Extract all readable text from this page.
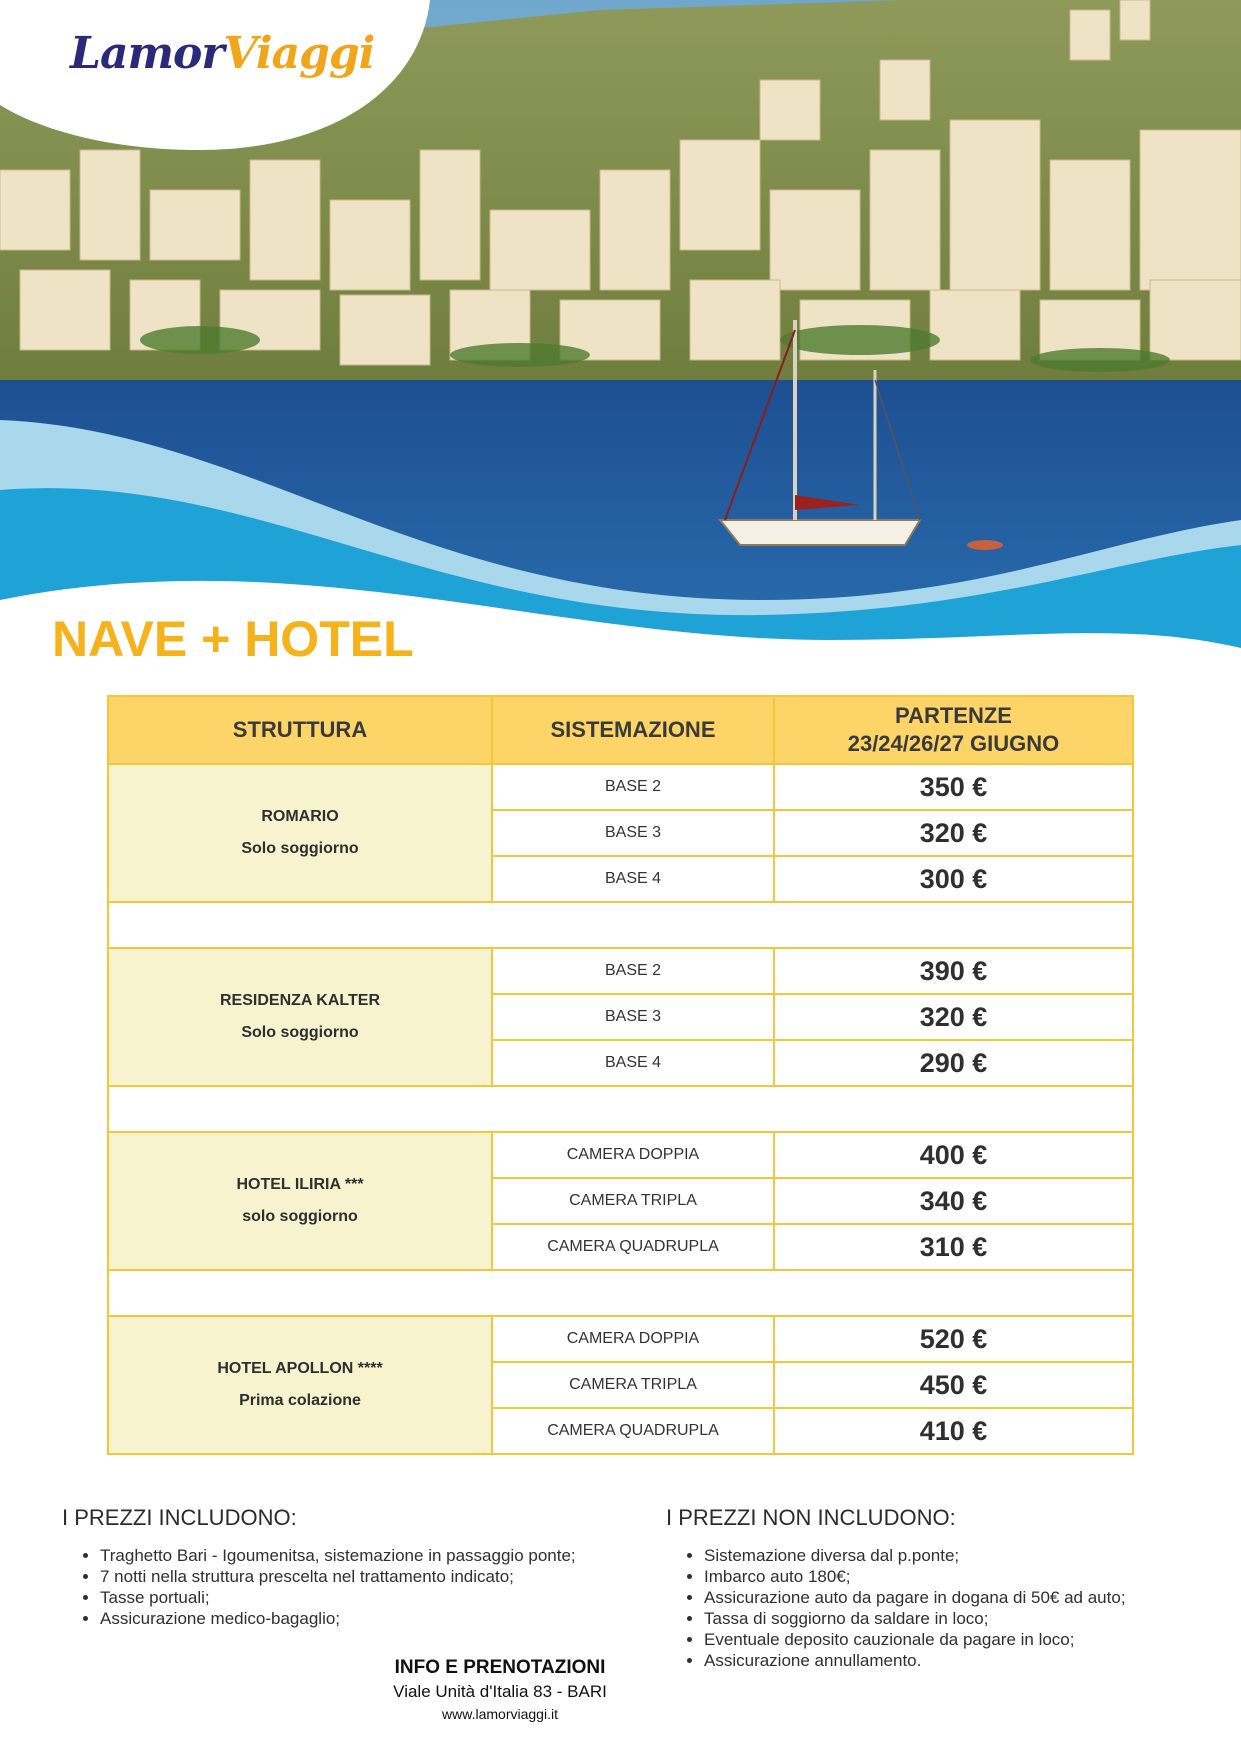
LamorViaggi
NAVE + HOTEL
STRUTTURA	SISTEMAZIONE	PARTENZE
23/24/26/27 GIUGNO

ROMARIO
Solo soggiorno	BASE 2	350 €
	BASE 3	320 €
	BASE 4	300 €

RESIDENZA KALTER
Solo soggiorno	BASE 2	390 €
	BASE 3	320 €
	BASE 4	290 €

HOTEL ILIRIA ***
solo soggiorno	CAMERA DOPPIA	400 €
	CAMERA TRIPLA	340 €
	CAMERA QUADRUPLA	310 €

HOTEL APOLLON ****
Prima colazione	CAMERA DOPPIA	520 €
	CAMERA TRIPLA	450 €
	CAMERA QUADRUPLA	410 €
I PREZZI INCLUDONO:
• Traghetto Bari - Igoumenitsa, sistemazione in passaggio ponte;
• 7 notti nella struttura prescelta nel trattamento indicato;
• Tasse portuali;
• Assicurazione medico-bagaglio;
I PREZZI NON INCLUDONO:
• Sistemazione diversa dal p.ponte;
• Imbarco auto 180€;
• Assicurazione auto da pagare in dogana di 50€ ad auto;
• Tassa di soggiorno da saldare in loco;
• Eventuale deposito cauzionale da pagare in loco;
• Assicurazione annullamento.
INFO E PRENOTAZIONI
Viale Unità d'Italia 83 - BARI
www.lamorviaggi.it
